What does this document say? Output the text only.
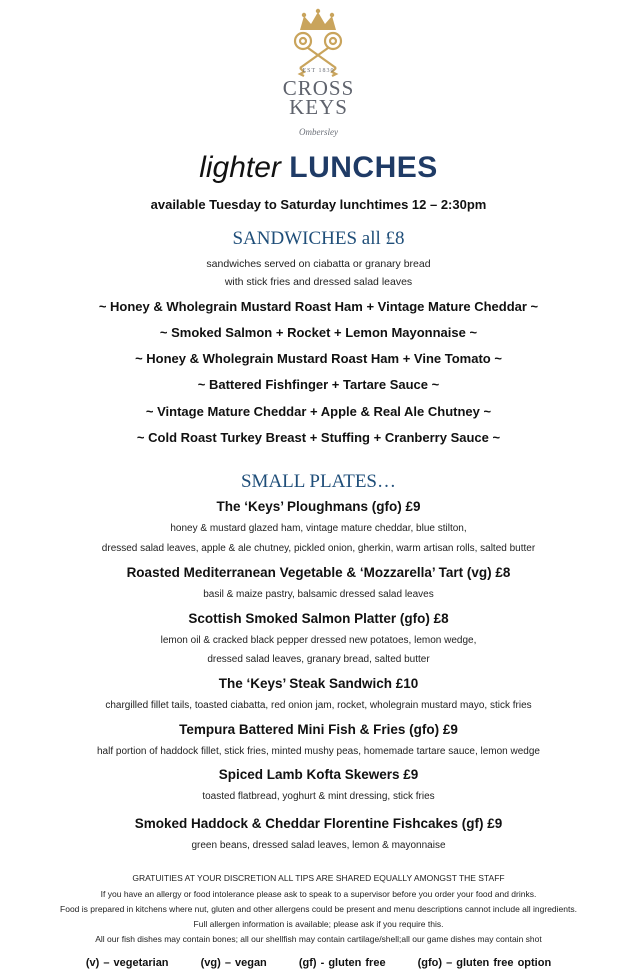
EST 1830
CROSS
KEYS
Ombersley
lighter LUNCHES
available Tuesday to Saturday lunchtimes 12 – 2:30pm
SANDWICHES all £8
sandwiches served on ciabatta or granary bread
with stick fries and dressed salad leaves
~ Honey & Wholegrain Mustard Roast Ham + Vintage Mature Cheddar ~
~ Smoked Salmon + Rocket + Lemon Mayonnaise ~
~ Honey & Wholegrain Mustard Roast Ham + Vine Tomato ~
~ Battered Fishfinger + Tartare Sauce ~
~ Vintage Mature Cheddar + Apple & Real Ale Chutney ~
~ Cold Roast Turkey Breast + Stuffing + Cranberry Sauce ~
SMALL PLATES…
The ‘Keys’ Ploughmans (gfo) £9
honey & mustard glazed ham, vintage mature cheddar, blue stilton,
dressed salad leaves, apple & ale chutney, pickled onion, gherkin, warm artisan rolls, salted butter
Roasted Mediterranean Vegetable & ‘Mozzarella’ Tart (vg) £8
basil & maize pastry, balsamic dressed salad leaves
Scottish Smoked Salmon Platter (gfo) £8
lemon oil & cracked black pepper dressed new potatoes, lemon wedge,
dressed salad leaves, granary bread, salted butter
The ‘Keys’ Steak Sandwich £10
chargilled fillet tails, toasted ciabatta, red onion jam, rocket, wholegrain mustard mayo, stick fries
Tempura Battered Mini Fish & Fries (gfo) £9
half portion of haddock fillet, stick fries, minted mushy peas, homemade tartare sauce, lemon wedge
Spiced Lamb Kofta Skewers £9
toasted flatbread, yoghurt & mint dressing, stick fries
Smoked Haddock & Cheddar Florentine Fishcakes (gf) £9
green beans, dressed salad leaves, lemon & mayonnaise
GRATUITIES AT YOUR DISCRETION ALL TIPS ARE SHARED EQUALLY AMONGST THE STAFF
If you have an allergy or food intolerance please ask to speak to a supervisor before you order your food and drinks.
Food is prepared in kitchens where nut, gluten and other allergens could be present and menu descriptions cannot include all ingredients.
Full allergen information is available; please ask if you require this.
All our fish dishes may contain bones; all our shellfish may contain cartilage/shell;all our game dishes may contain shot
(v) – vegetarian	(vg) – vegan	(gf) - gluten free	(gfo) – gluten free option
